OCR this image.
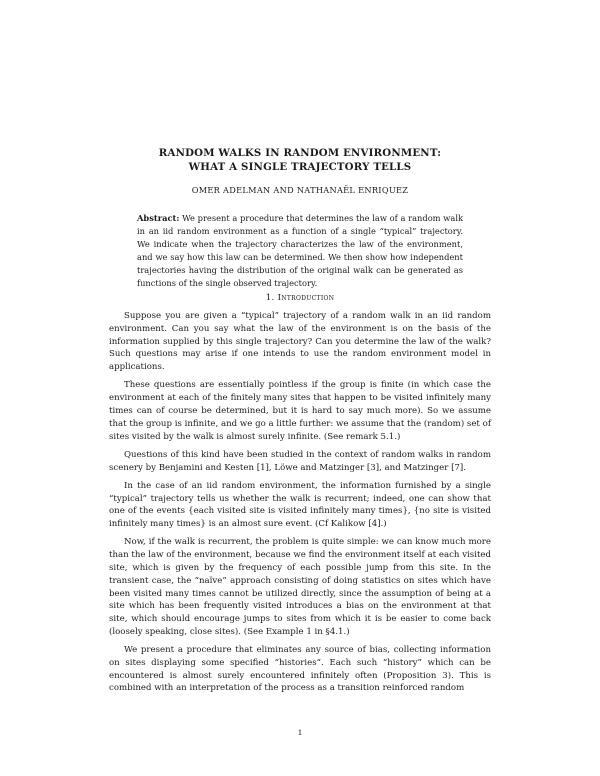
RANDOM WALKS IN RANDOM ENVIRONMENT:
WHAT A SINGLE TRAJECTORY TELLS
OMER ADELMAN AND NATHANAËL ENRIQUEZ
Abstract: We present a procedure that determines the law of a random walk in an iid random environment as a function of a single “typical” trajectory. We indicate when the trajectory characterizes the law of the environment, and we say how this law can be determined. We then show how independent trajectories having the distribution of the original walk can be generated as functions of the single observed trajectory.
1. Introduction

Suppose you are given a “typical” trajectory of a random walk in an iid random environment. Can you say what the law of the environment is on the basis of the information supplied by this single trajectory? Can you determine the law of the walk? Such questions may arise if one intends to use the random environment model in applications.

These questions are essentially pointless if the group is finite (in which case the environment at each of the finitely many sites that happen to be visited infinitely many times can of course be determined, but it is hard to say much more). So we assume that the group is infinite, and we go a little further: we assume that the (random) set of sites visited by the walk is almost surely infinite. (See remark 5.1.)

Questions of this kind have been studied in the context of random walks in random scenery by Benjamini and Kesten [1], Löwe and Matzinger [3], and Matzinger [7].

In the case of an iid random environment, the information furnished by a single “typical” trajectory tells us whether the walk is recurrent; indeed, one can show that one of the events {each visited site is visited infinitely many times}, {no site is visited infinitely many times} is an almost sure event. (Cf Kalikow [4].)

Now, if the walk is recurrent, the problem is quite simple: we can know much more than the law of the environment, because we find the environment itself at each visited site, which is given by the frequency of each possible jump from this site. In the transient case, the “naïve” approach consisting of doing statistics on sites which have been visited many times cannot be utilized directly, since the assumption of being at a site which has been frequently visited introduces a bias on the environment at that site, which should encourage jumps to sites from which it is be easier to come back (loosely speaking, close sites). (See Example 1 in §4.1.)

We present a procedure that eliminates any source of bias, collecting information on sites displaying some specified “histories”. Each such “history” which can be encountered is almost surely encountered infinitely often (Proposition 3). This is combined with an interpretation of the process as a transition reinforced random

1
